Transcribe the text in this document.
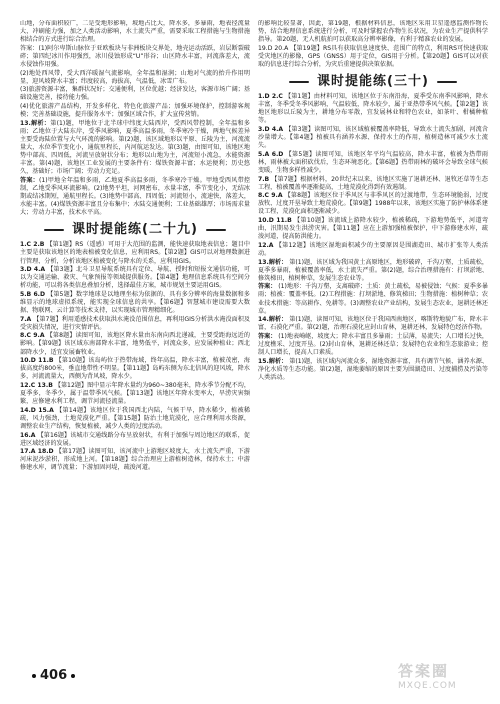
山地，分布面积较广，二是受地形影响，坡地占比大，降水多，多暴雨，地表径流量大，冲刷能力强，加之人类活动影响，水土流失严重，需要采取工程措施与生物措施相结合的方式进行综合治理。

答案：(1)阿尔卑斯山脉位于亚欧板块与非洲板块交界处，地壳运动活跃，岩层断裂破碎；第四纪冰川作用强烈，冰川侵蚀形成“U”形谷；山区降水丰富，河流落差大，流水侵蚀作用强。

(2)地处西风带，受大西洋暖湿气流影响，全年温和湿润；山地对气流的抬升作用明显，迎风坡降水丰富；纬度较高，海拔高，气温低，冰雪广布。

(3)旅游资源丰富，集群状况好；交通便利，区位优越；经济发达，客源市场广阔；基础设施完善，接待能力强。

(4)优化旅游产品结构，开发多样化、特色化旅游产品；加强环境保护，控制游客规模；完善基础设施，提升服务水平；加强区域合作，扩大宣传营销。

13.解析：第(1)题，甲地位于北半球中纬度大陆西岸，受西风带控制，全年温和多雨；乙地位于大陆东岸，受季风影响，夏季高温多雨，冬季寒冷干燥，两地气候差异主要受海陆位置与大气环流的影响。第(2)题，该区域地形以平原、丘陵为主，河流流量大，水位季节变化小，通航里程长，内河航运发达。第(3)题，由图可知，该地区地势中部高、四周低，河流呈放射状分布；地形以山地为主，河流短小流急，水能资源丰富。第(4)题，该地区工业发展的主要条件有：煤铁资源丰富；水运便利；历史悠久，基础好；市场广阔；劳动力充足。

答案：(1)甲地全年温和多雨，乙地夏季高温多雨，冬季寒冷干燥。甲地受西风带控制，乙地受季风环流影响。(2)地势平坦，河网密布，水量丰富，季节变化小，无结冰期或结冰期短，通航里程长。(3)地势中部高、四周低；河流短小，流速快，落差大，水能丰富。(4)煤铁资源丰富且分布集中；水陆交通便利；工业基础雄厚；市场需求量大；劳动力丰富，技术水平高。

课时提能练(二十九)

1.C 2.B 【第1题】RS（遥感）可用于大范围的监测，能快速获取地表信息；题目中主要是获取该地区的地表植被变化信息，应利用RS。【第2题】GIS可以对地理数据进行管理、分析，分析该地区植被变化与降水的关系，应利用GIS。

3.D 4.A 【第3题】北斗卫星导航系统具有定位、导航、授时和短报文通信功能，可以为交通运输、救灾、气象预报等领域提供服务。【第4题】地理信息系统具有空间分析功能，可以将各类信息叠加分析，选择最佳方案，城市规划主要运用GIS。

5.B 6.D 【第5题】数字地球是以地理坐标为依据的、具有多分辨率的海量数据和多维显示的地球虚拟系统，能实现全球信息的共享。【第6题】智慧城市建设需要大数据、物联网、云计算等技术支持，以实现城市管理精细化。

7.A 【第7题】利用遥感技术获取洪水淹没范围信息，再利用GIS分析洪水淹没面积及受灾损失情况，进行灾情评估。

8.C 9.A 【第8题】读图可知，该地区降水量由东南向西北递减，主要受距海远近的影响。【第9题】该区域东南部降水丰富，地势低平，河流众多，应发展种植业；西北部降水少，适宜发展畜牧业。

10.D 11.B 【第10题】该岛屿位于热带海域，终年高温，降水丰富，植被茂密，海拔高度约800米，垂直地带性不明显。【第11题】岛屿东侧为东北信风的迎风坡，降水多，河流流量大，西侧为背风坡，降水少。

12.C 13.B 【第12题】图中显示年降水量约为960~380毫米，降水季节分配不均，夏季多，冬季少，属于温带季风气候。【第13题】该地区年降水变率大，旱涝灾害频繁，应修建水利工程，调节河流径流量。

14.D 15.A 【第14题】该地区位于我国西北内陆，气候干旱，降水稀少，植被稀疏，风力强劲，土地荒漠化严重。【第15题】防治土地荒漠化，应合理利用水资源，调整农业生产结构，恢复植被，减少人类的过度活动。

16.A 【第16题】该城市交通线路分布呈放射状，有利于加强与周边地区的联系，促进区域经济的发展。

17.A 18.D 【第17题】读图可知，该河流中上游地区坡度大，水土流失严重，下游河床泥沙淤积，形成地上河。【第18题】综合治理应上游植树造林，保持水土；中游修建水库，调节流量；下游加固河堤，疏浚河道。

的影响比较显著，因此，第19题，根据材料信息，该地区采用卫星遥感监测作物长势，结合地理信息系统进行分析，可及时掌握农作物生长状况，为农业生产提供科学指导。第20题，无人机航拍可以获取高分辨率影像，有利于精准农业的发展。

19.D 20.A 【第19题】RS具有获取信息速度快、范围广的特点，利用RS可快速获取受灾地区的影像，GPS（GNSS）用于定位，GIS用于分析。【第20题】GIS可以对获取的信息进行综合分析，为灾后重建提供决策依据。

课时提能练(三十)

1.D 2.C 【第1题】由材料可知，该地区位于东南沿海，夏季受东南季风影响，降水丰富，冬季受冬季风影响，气温较低，降水较少，属于亚热带季风气候。【第2题】该地区地形以丘陵为主，耕地分布零散，宜发展林业和特色农业，如茶叶、柑橘种植等。

3.D 4.A 【第3题】读图可知，该区域植被覆盖率降低，导致水土流失加剧，河流含沙量增大。【第4题】植被具有涵养水源、保持水土的作用，植树造林可减少水土流失。

5.A 6.D 【第5题】读图可知，该地区年平均气温较高，降水丰富，植被为热带雨林，雨林被大面积砍伐后，生态环境恶化。【第6题】热带雨林的破坏会导致全球气候变暖，生物多样性减少。

7.B 【第7题】根据材料，20世纪末以来，该地区实施了退耕还林、退牧还草等生态工程，植被覆盖率逐渐提高，土地荒漠化得到有效遏制。

8.C 9.A 【第8题】该地区位于季风区与非季风区的过渡地带，生态环境脆弱，过度放牧、过度开垦导致土地荒漠化。【第9题】1988年以来，该地区实施了防护林体系建设工程，荒漠化面积逐渐减少。

10.D 11.B 【第10题】该流域上游降水较少，植被稀疏，下游地势低平，河道弯曲，汛期易发生洪涝灾害。【第11题】应在上游加强植被保护，中下游修建水库，疏浚河道，提高防洪能力。

12.A 【第12题】该地区湿地面积减少的主要原因是围湖造田、城市扩张等人类活动。

13.解析： 第(1)题，该区域为我国黄土高原地区，地形破碎，千沟万壑，土质疏松，夏季多暴雨，植被覆盖率低，水土流失严重。第(2)题，综合治理措施有：打坝淤地、修筑梯田，植树种草，发展生态农业等。

答案： (1)地形：千沟万壑，支离破碎；土质：黄土疏松，易被侵蚀；气候：夏季多暴雨；植被：覆盖率低。(2)工程措施：打坝淤地、修筑梯田；生物措施：植树种草；农业技术措施：等高耕作、免耕等。(3)调整农业产业结构，发展生态农业，退耕还林还草。

14.解析： 第(1)题，读图可知，该地区位于我国西南地区，喀斯特地貌广布，降水丰富，石漠化严重。第(2)题，治理石漠化应封山育林，退耕还林，发展特色经济作物。

答案： (1)地表崎岖，坡度大；降水丰富且多暴雨；土层薄，易流失；人口增长过快，过度樵采、过度开垦。(2)封山育林，退耕还林还草；发展特色农业和生态旅游业；控制人口增长，提高人口素质。

15.解析： 第(1)题，该区域内河流众多，湿地资源丰富，具有调节气候、涵养水源、净化水质等生态功能。第(2)题，湿地萎缩的原因主要为围湖造田、过度捕捞及污染等人类活动。

406	答案圈
MXQE.COM
